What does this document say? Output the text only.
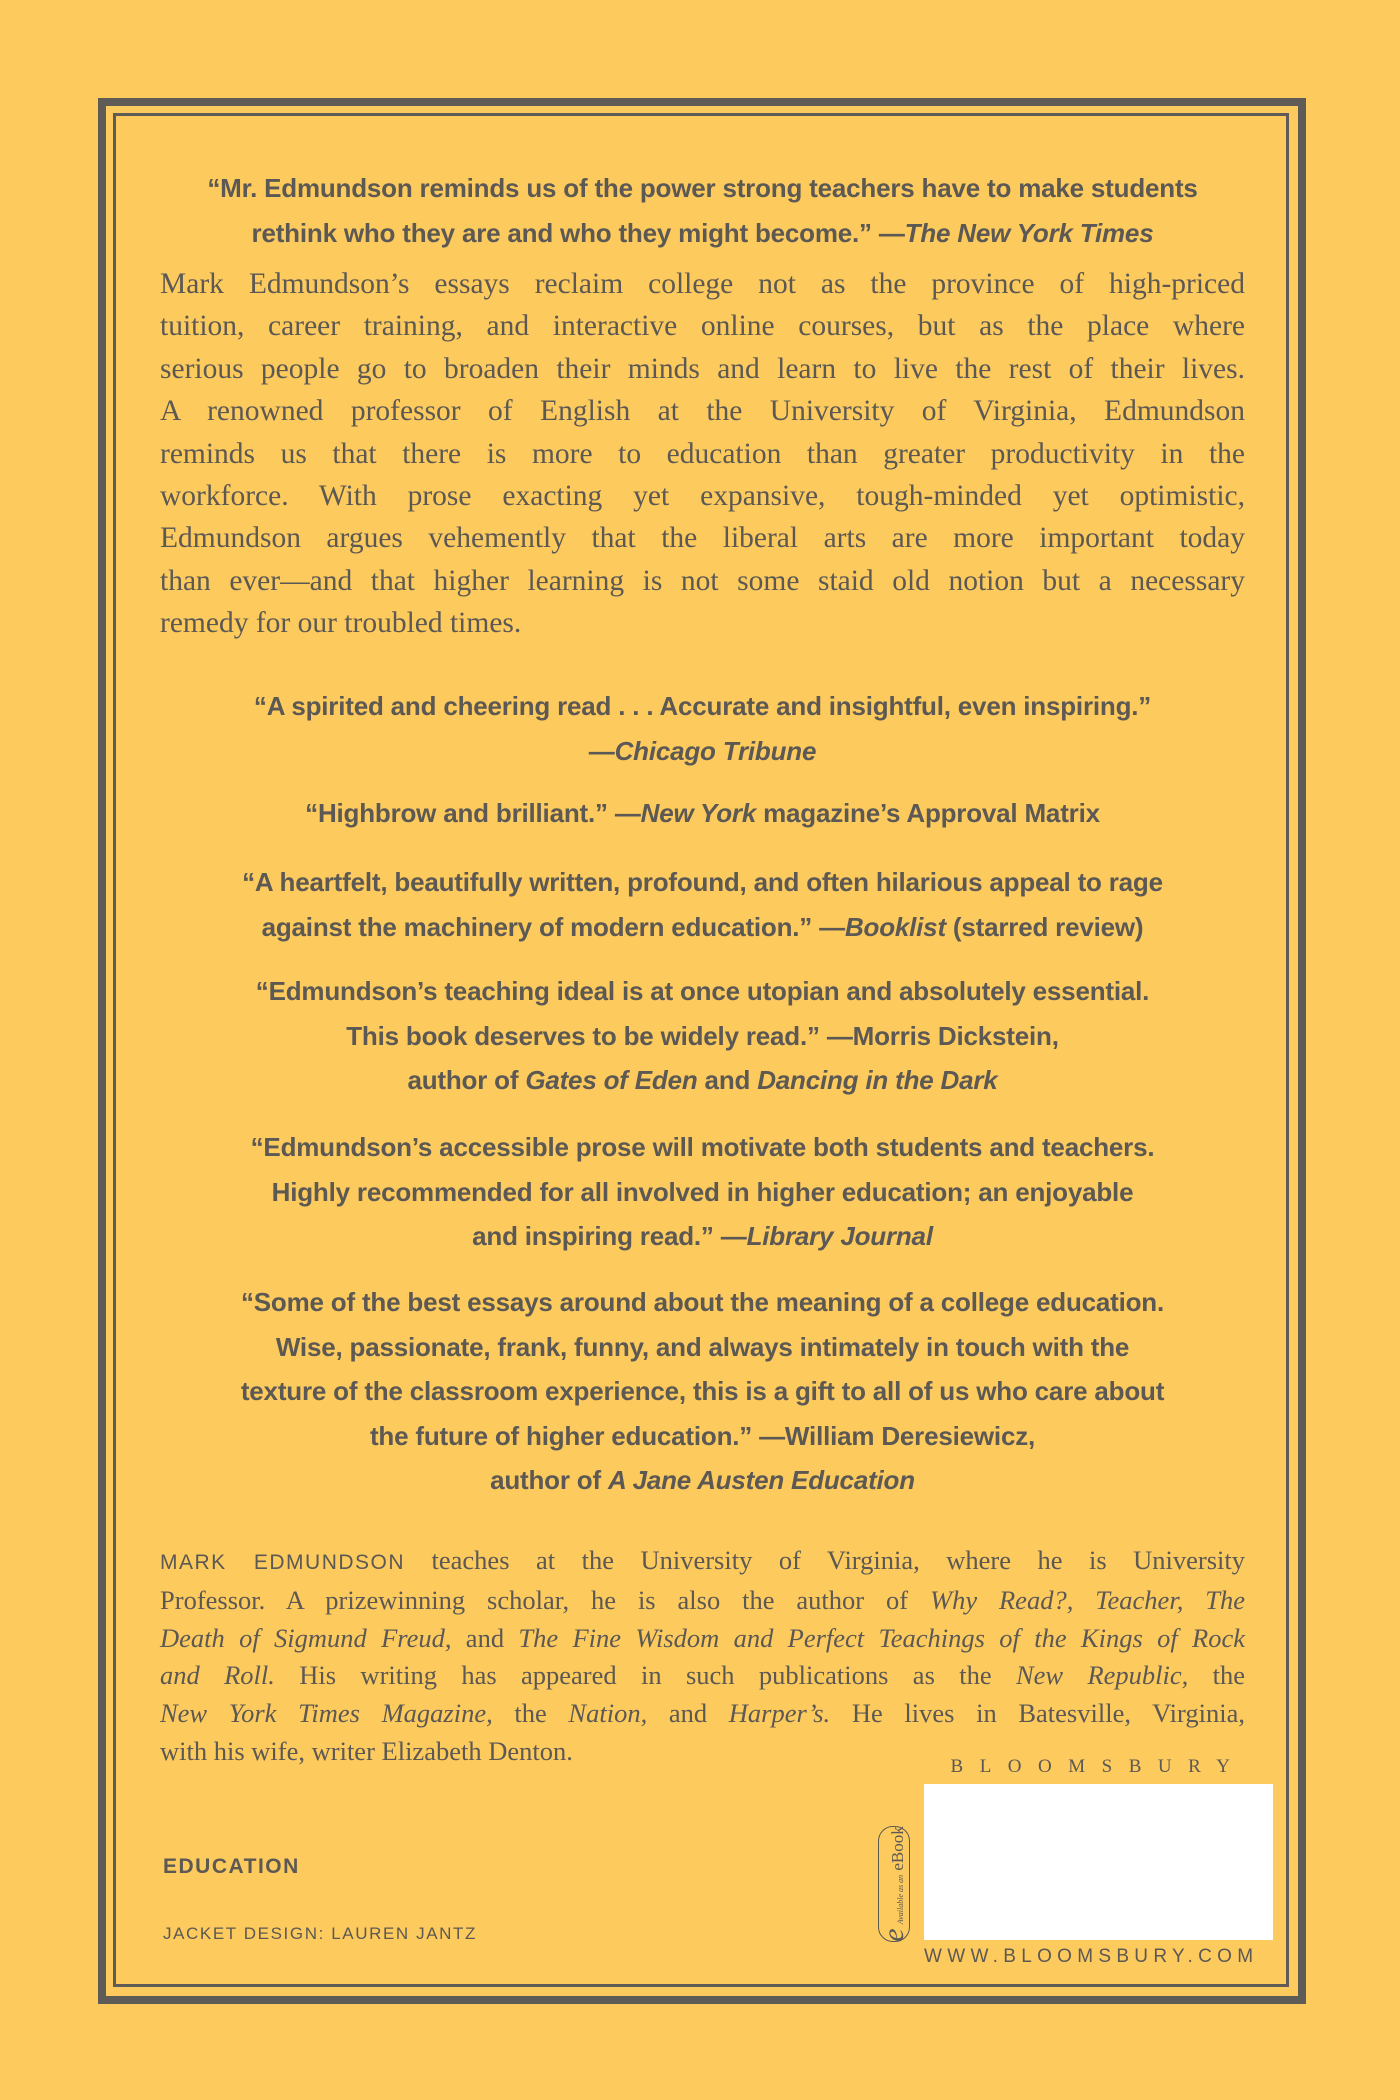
“Mr. Edmundson reminds us of the power strong teachers have to make students
rethink who they are and who they might become.” —The New York Times
Mark Edmundson’s essays reclaim college not as the province of high-priced
tuition, career training, and interactive online courses, but as the place where
serious people go to broaden their minds and learn to live the rest of their lives.
A renowned professor of English at the University of Virginia, Edmundson
reminds us that there is more to education than greater productivity in the
workforce. With prose exacting yet expansive, tough-minded yet optimistic,
Edmundson argues vehemently that the liberal arts are more important today
than ever—and that higher learning is not some staid old notion but a necessary
remedy for our troubled times.
“A spirited and cheering read . . . Accurate and insightful, even inspiring.”
—Chicago Tribune
“Highbrow and brilliant.” —New York magazine’s Approval Matrix
“A heartfelt, beautifully written, profound, and often hilarious appeal to rage
against the machinery of modern education.” —Booklist (starred review)
“Edmundson’s teaching ideal is at once utopian and absolutely essential.
This book deserves to be widely read.” —Morris Dickstein,
author of Gates of Eden and Dancing in the Dark
“Edmundson’s accessible prose will motivate both students and teachers.
Highly recommended for all involved in higher education; an enjoyable
and inspiring read.” —Library Journal
“Some of the best essays around about the meaning of a college education.
Wise, passionate, frank, funny, and always intimately in touch with the
texture of the classroom experience, this is a gift to all of us who care about
the future of higher education.” —William Deresiewicz,
author of A Jane Austen Education
MARK EDMUNDSON teaches at the University of Virginia, where he is University
Professor. A prizewinning scholar, he is also the author of Why Read?, Teacher, The
Death of Sigmund Freud, and The Fine Wisdom and Perfect Teachings of the Kings of Rock
and Roll. His writing has appeared in such publications as the New Republic, the
New York Times Magazine, the Nation, and Harper’s. He lives in Batesville, Virginia,
with his wife, writer Elizabeth Denton.
EDUCATION
JACKET DESIGN: LAUREN JANTZ	e Available as an eBook
BLOOMSBURY
WWW.BLOOMSBURY.COM
